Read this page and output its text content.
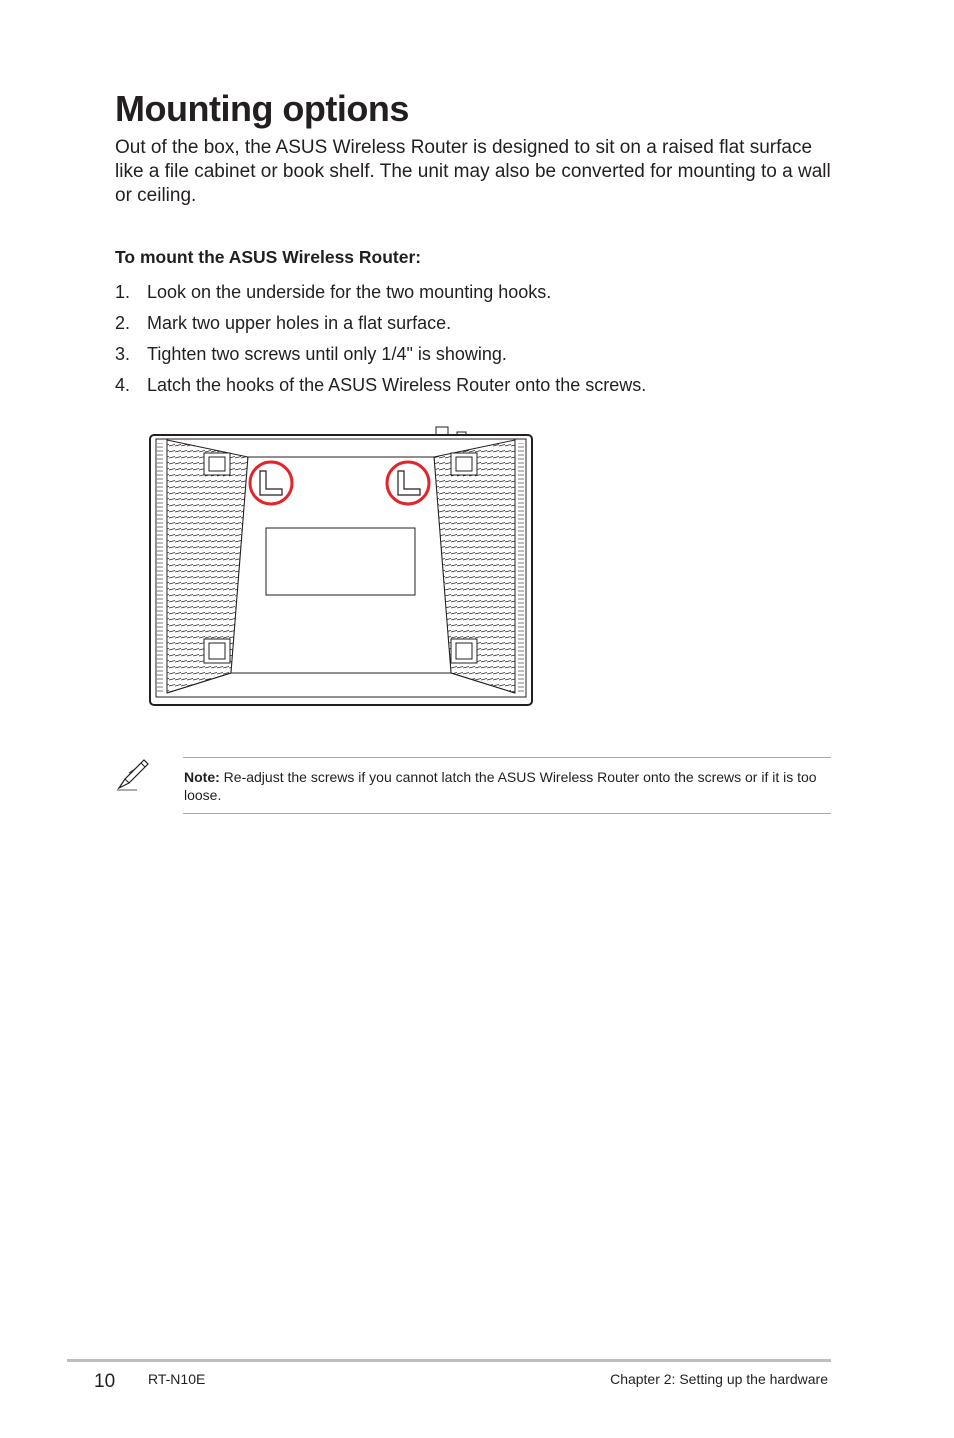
Mounting options

Out of the box, the ASUS Wireless Router is designed to sit on a raised flat surface like a file cabinet or book shelf. The unit may also be converted for mounting to a wall or ceiling.

To mount the ASUS Wireless Router:

1. Look on the underside for the two mounting hooks.
2. Mark two upper holes in a flat surface.
3. Tighten two screws until only 1/4" is showing.
4. Latch the hooks of the ASUS Wireless Router onto the screws.

Note: Re-adjust the screws if you cannot latch the ASUS Wireless Router onto the screws or if it is too loose.

10 RT-N10E	Chapter 2: Setting up the hardware
